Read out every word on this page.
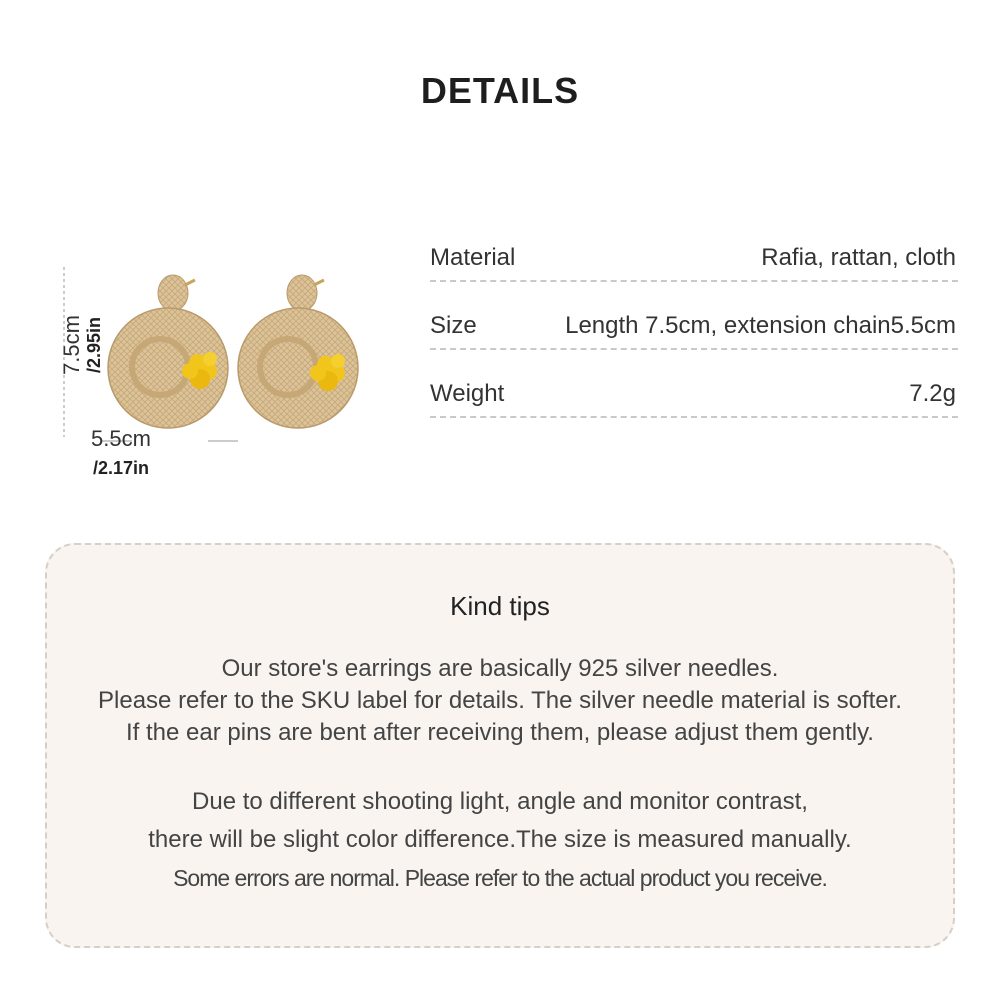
DETAILS
7.5cm /2.95in
5.5cm
/2.17in
Material	Rafia, rattan, cloth
Size	Length 7.5cm, extension chain5.5cm
Weight	7.2g
Kind tips
Our store's earrings are basically 925 silver needles.
Please refer to the SKU label for details. The silver needle material is softer.
If the ear pins are bent after receiving them, please adjust them gently.
Due to different shooting light, angle and monitor contrast,
there will be slight color difference.The size is measured manually.
Some errors are normal. Please refer to the actual product you receive.
